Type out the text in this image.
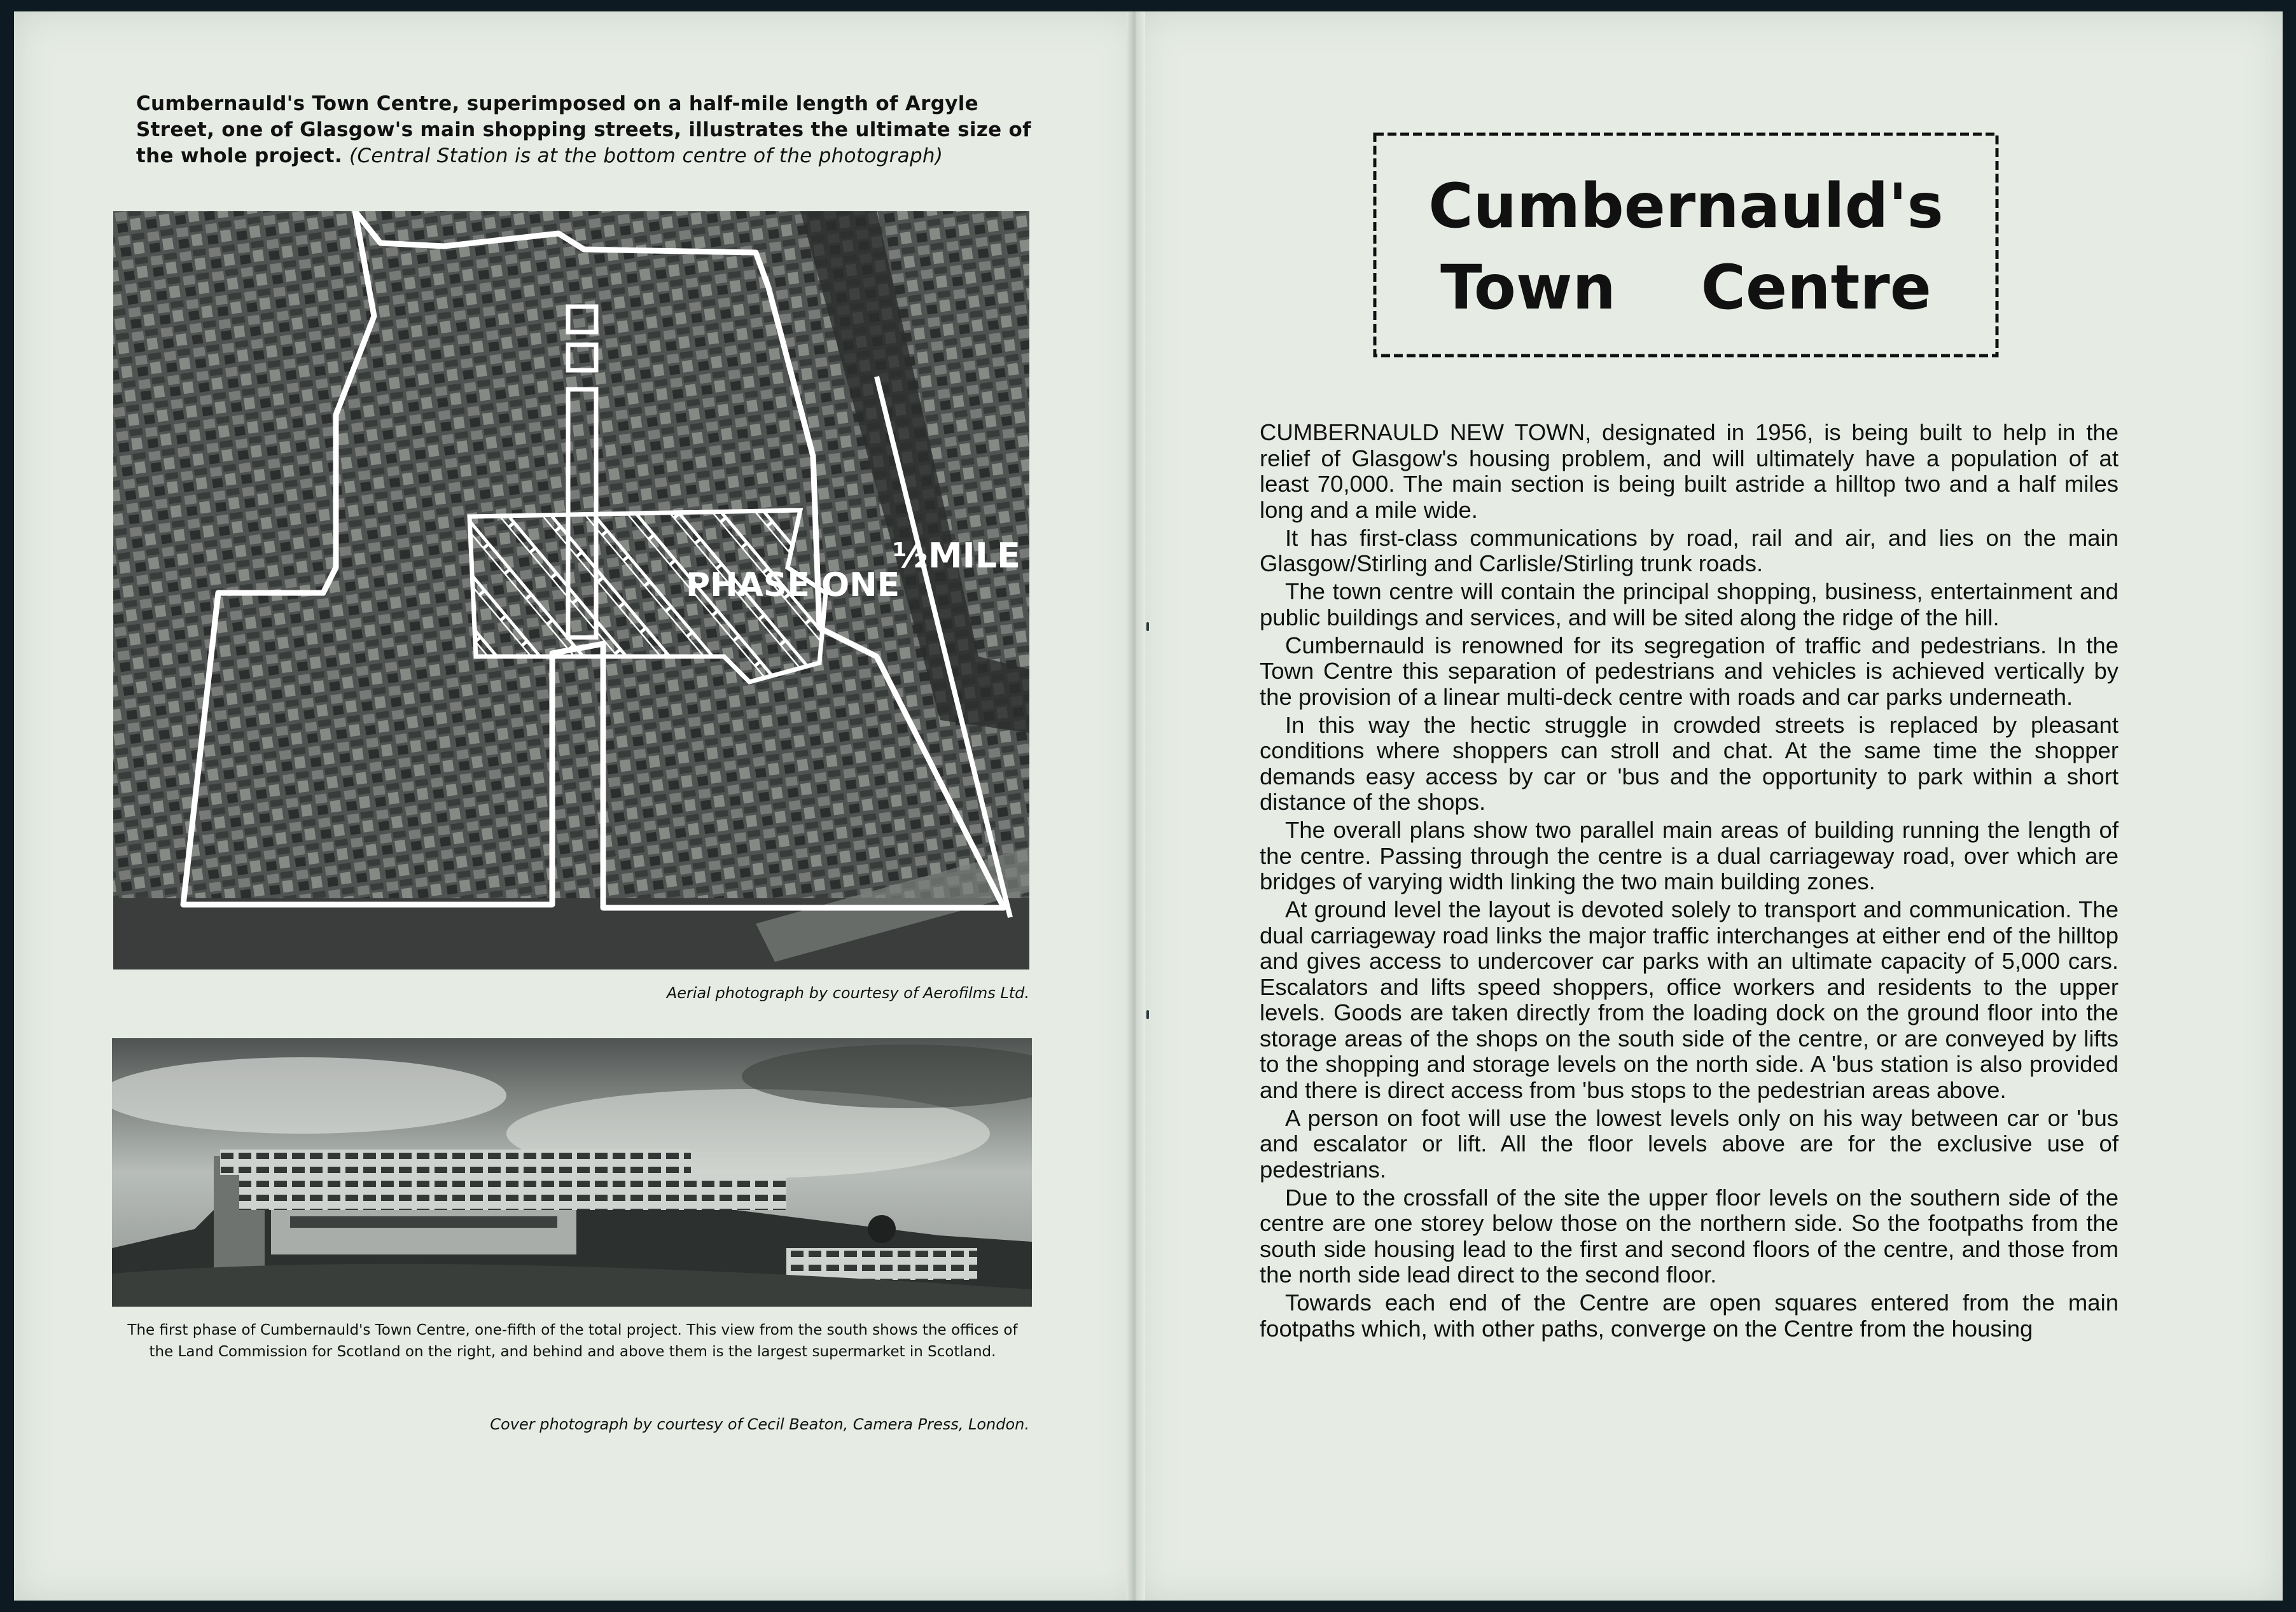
Cumbernauld's Town Centre, superimposed on a half-mile length of Argyle Street, one of Glasgow's main shopping streets, illustrates the ultimate size of the whole project. (Central Station is at the bottom centre of the photograph)
PHASE ONE
½MILE
Aerial photograph by courtesy of Aerofilms Ltd.
The first phase of Cumbernauld's Town Centre, one-fifth of the total project. This view from the south shows the offices of the Land Commission for Scotland on the right, and behind and above them is the largest supermarket in Scotland.
Cover photograph by courtesy of Cecil Beaton, Camera Press, London.
Cumbernauld's
Town    Centre

CUMBERNAULD NEW TOWN, designated in 1956, is being built to help in the relief of Glasgow's housing problem, and will ultimately have a population of at least 70,000. The main section is being built astride a hilltop two and a half miles long and a mile wide.

It has first-class communications by road, rail and air, and lies on the main Glasgow/Stirling and Carlisle/Stirling trunk roads.

The town centre will contain the principal shopping, business, entertainment and public buildings and services, and will be sited along the ridge of the hill.

Cumbernauld is renowned for its segregation of traffic and pedestrians. In the Town Centre this separation of pedestrians and vehicles is achieved vertically by the provision of a linear multi-deck centre with roads and car parks underneath.

In this way the hectic struggle in crowded streets is replaced by pleasant conditions where shoppers can stroll and chat. At the same time the shopper demands easy access by car or 'bus and the opportunity to park within a short distance of the shops.

The overall plans show two parallel main areas of building running the length of the centre. Passing through the centre is a dual carriageway road, over which are bridges of varying width linking the two main building zones.

At ground level the layout is devoted solely to transport and communication. The dual carriageway road links the major traffic interchanges at either end of the hilltop and gives access to undercover car parks with an ultimate capacity of 5,000 cars. Escalators and lifts speed shoppers, office workers and residents to the upper levels. Goods are taken directly from the loading dock on the ground floor into the storage areas of the shops on the south side of the centre, or are conveyed by lifts to the shopping and storage levels on the north side. A 'bus station is also provided and there is direct access from 'bus stops to the pedestrian areas above.

A person on foot will use the lowest levels only on his way between car or 'bus and escalator or lift. All the floor levels above are for the exclusive use of pedestrians.

Due to the crossfall of the site the upper floor levels on the southern side of the centre are one storey below those on the northern side. So the footpaths from the south side housing lead to the first and second floors of the centre, and those from the north side lead direct to the second floor.

Towards each end of the Centre are open squares entered from the main footpaths which, with other paths, converge on the Centre from the housing
